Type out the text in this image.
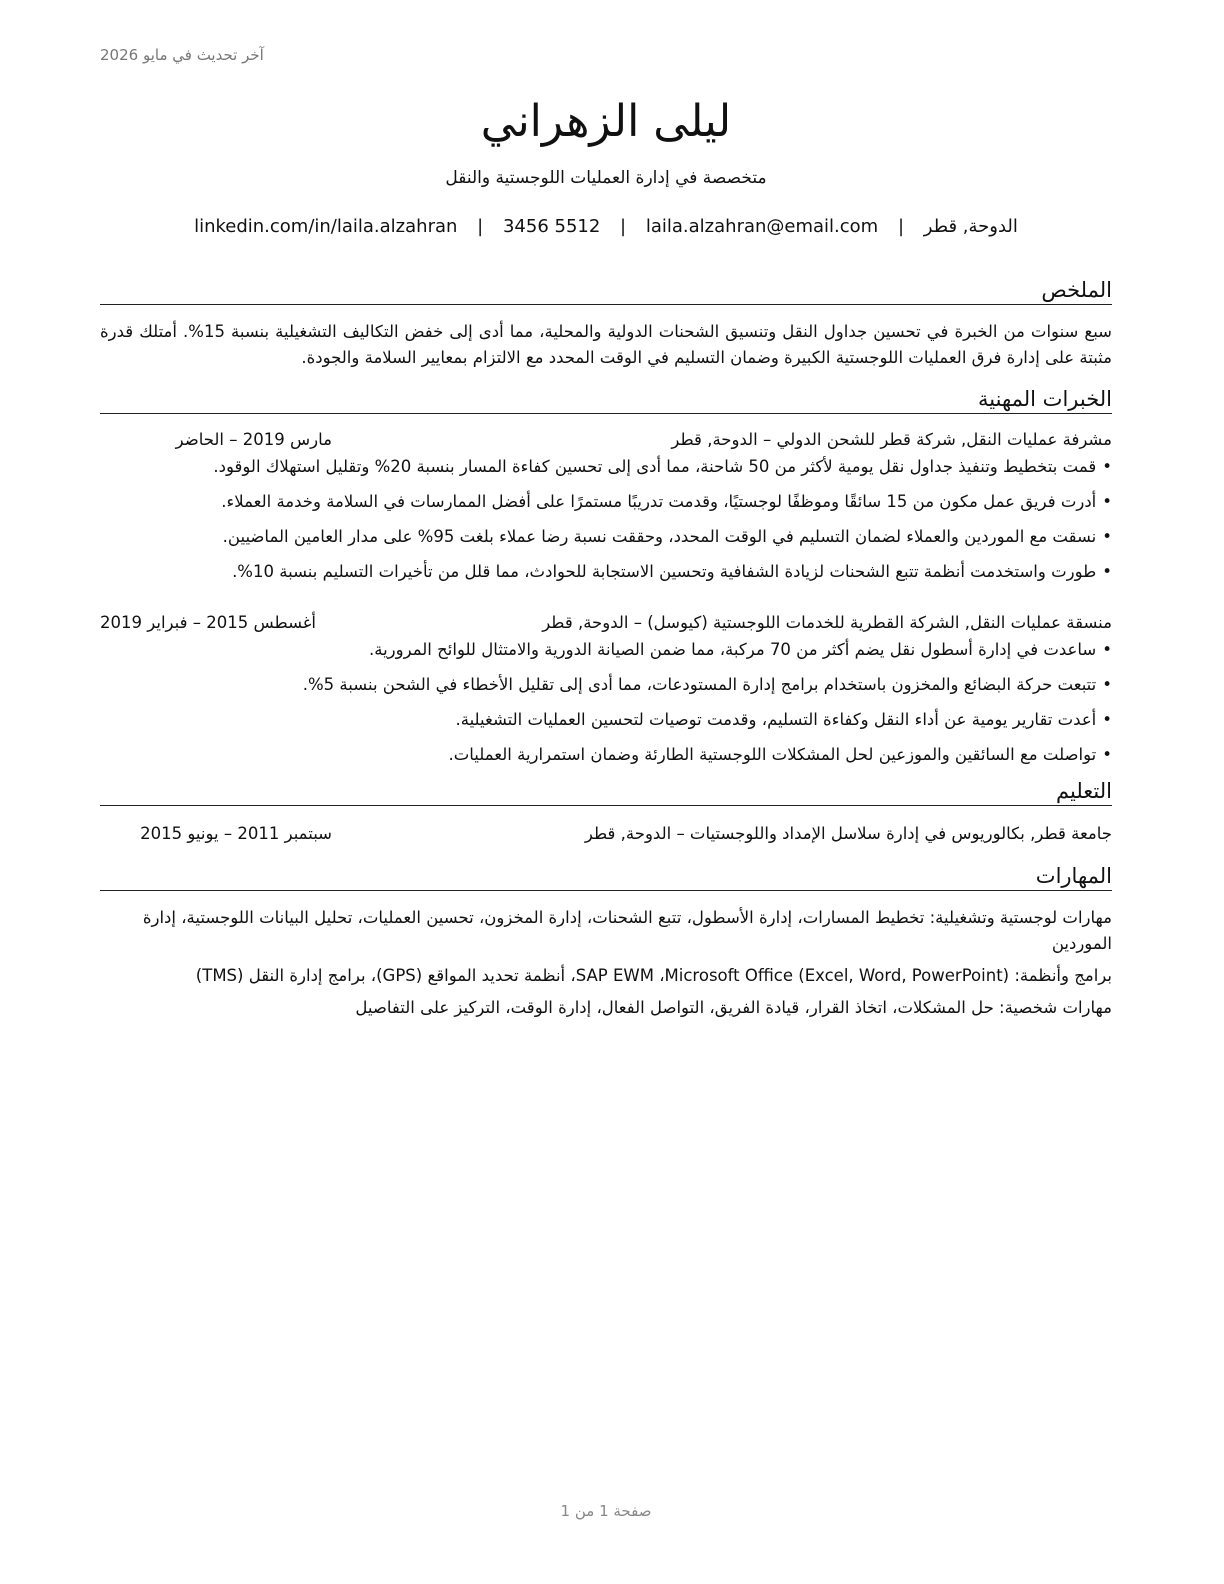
آخر تحديث في مايو 2026
ليلى الزهراني
متخصصة في إدارة العمليات اللوجستية والنقل
الدوحة, قطر | laila.alzahran@email.com | 3456 5512 | linkedin.com/in/laila.alzahran
الملخص

سبع سنوات من الخبرة في تحسين جداول النقل وتنسيق الشحنات الدولية والمحلية، مما أدى إلى خفض التكاليف التشغيلية بنسبة 15%. أمتلك قدرة مثبتة على إدارة فرق العمليات اللوجستية الكبيرة وضمان التسليم في الوقت المحدد مع الالتزام بمعايير السلامة والجودة.

الخبرات المهنية
مشرفة عمليات النقل, شركة قطر للشحن الدولي – الدوحة, قطر
مارس 2019 – الحاضر
•قمت بتخطيط وتنفيذ جداول نقل يومية لأكثر من 50 شاحنة، مما أدى إلى تحسين كفاءة المسار بنسبة 20% وتقليل استهلاك الوقود.
•أدرت فريق عمل مكون من 15 سائقًا وموظفًا لوجستيًا، وقدمت تدريبًا مستمرًا على أفضل الممارسات في السلامة وخدمة العملاء.
•نسقت مع الموردين والعملاء لضمان التسليم في الوقت المحدد، وحققت نسبة رضا عملاء بلغت 95% على مدار العامين الماضيين.
•طورت واستخدمت أنظمة تتبع الشحنات لزيادة الشفافية وتحسين الاستجابة للحوادث، مما قلل من تأخيرات التسليم بنسبة 10%.
منسقة عمليات النقل, الشركة القطرية للخدمات اللوجستية (كيوسل) – الدوحة, قطر
أغسطس 2015 – فبراير 2019
•ساعدت في إدارة أسطول نقل يضم أكثر من 70 مركبة، مما ضمن الصيانة الدورية والامتثال للوائح المرورية.
•تتبعت حركة البضائع والمخزون باستخدام برامج إدارة المستودعات، مما أدى إلى تقليل الأخطاء في الشحن بنسبة 5%.
•أعدت تقارير يومية عن أداء النقل وكفاءة التسليم، وقدمت توصيات لتحسين العمليات التشغيلية.
•تواصلت مع السائقين والموزعين لحل المشكلات اللوجستية الطارئة وضمان استمرارية العمليات.
التعليم
جامعة قطر, بكالوريوس في إدارة سلاسل الإمداد واللوجستيات – الدوحة, قطر
سبتمبر 2011 – يونيو 2015
المهارات

مهارات لوجستية وتشغيلية: تخطيط المسارات، إدارة الأسطول، تتبع الشحنات، إدارة المخزون، تحسين العمليات، تحليل البيانات اللوجستية، إدارة الموردين

برامج وأنظمة: Microsoft Office (Excel, Word, PowerPoint)، SAP EWM، أنظمة تحديد المواقع (GPS)، برامج إدارة النقل (TMS)

مهارات شخصية: حل المشكلات، اتخاذ القرار، قيادة الفريق، التواصل الفعال، إدارة الوقت، التركيز على التفاصيل

صفحة 1 من 1
